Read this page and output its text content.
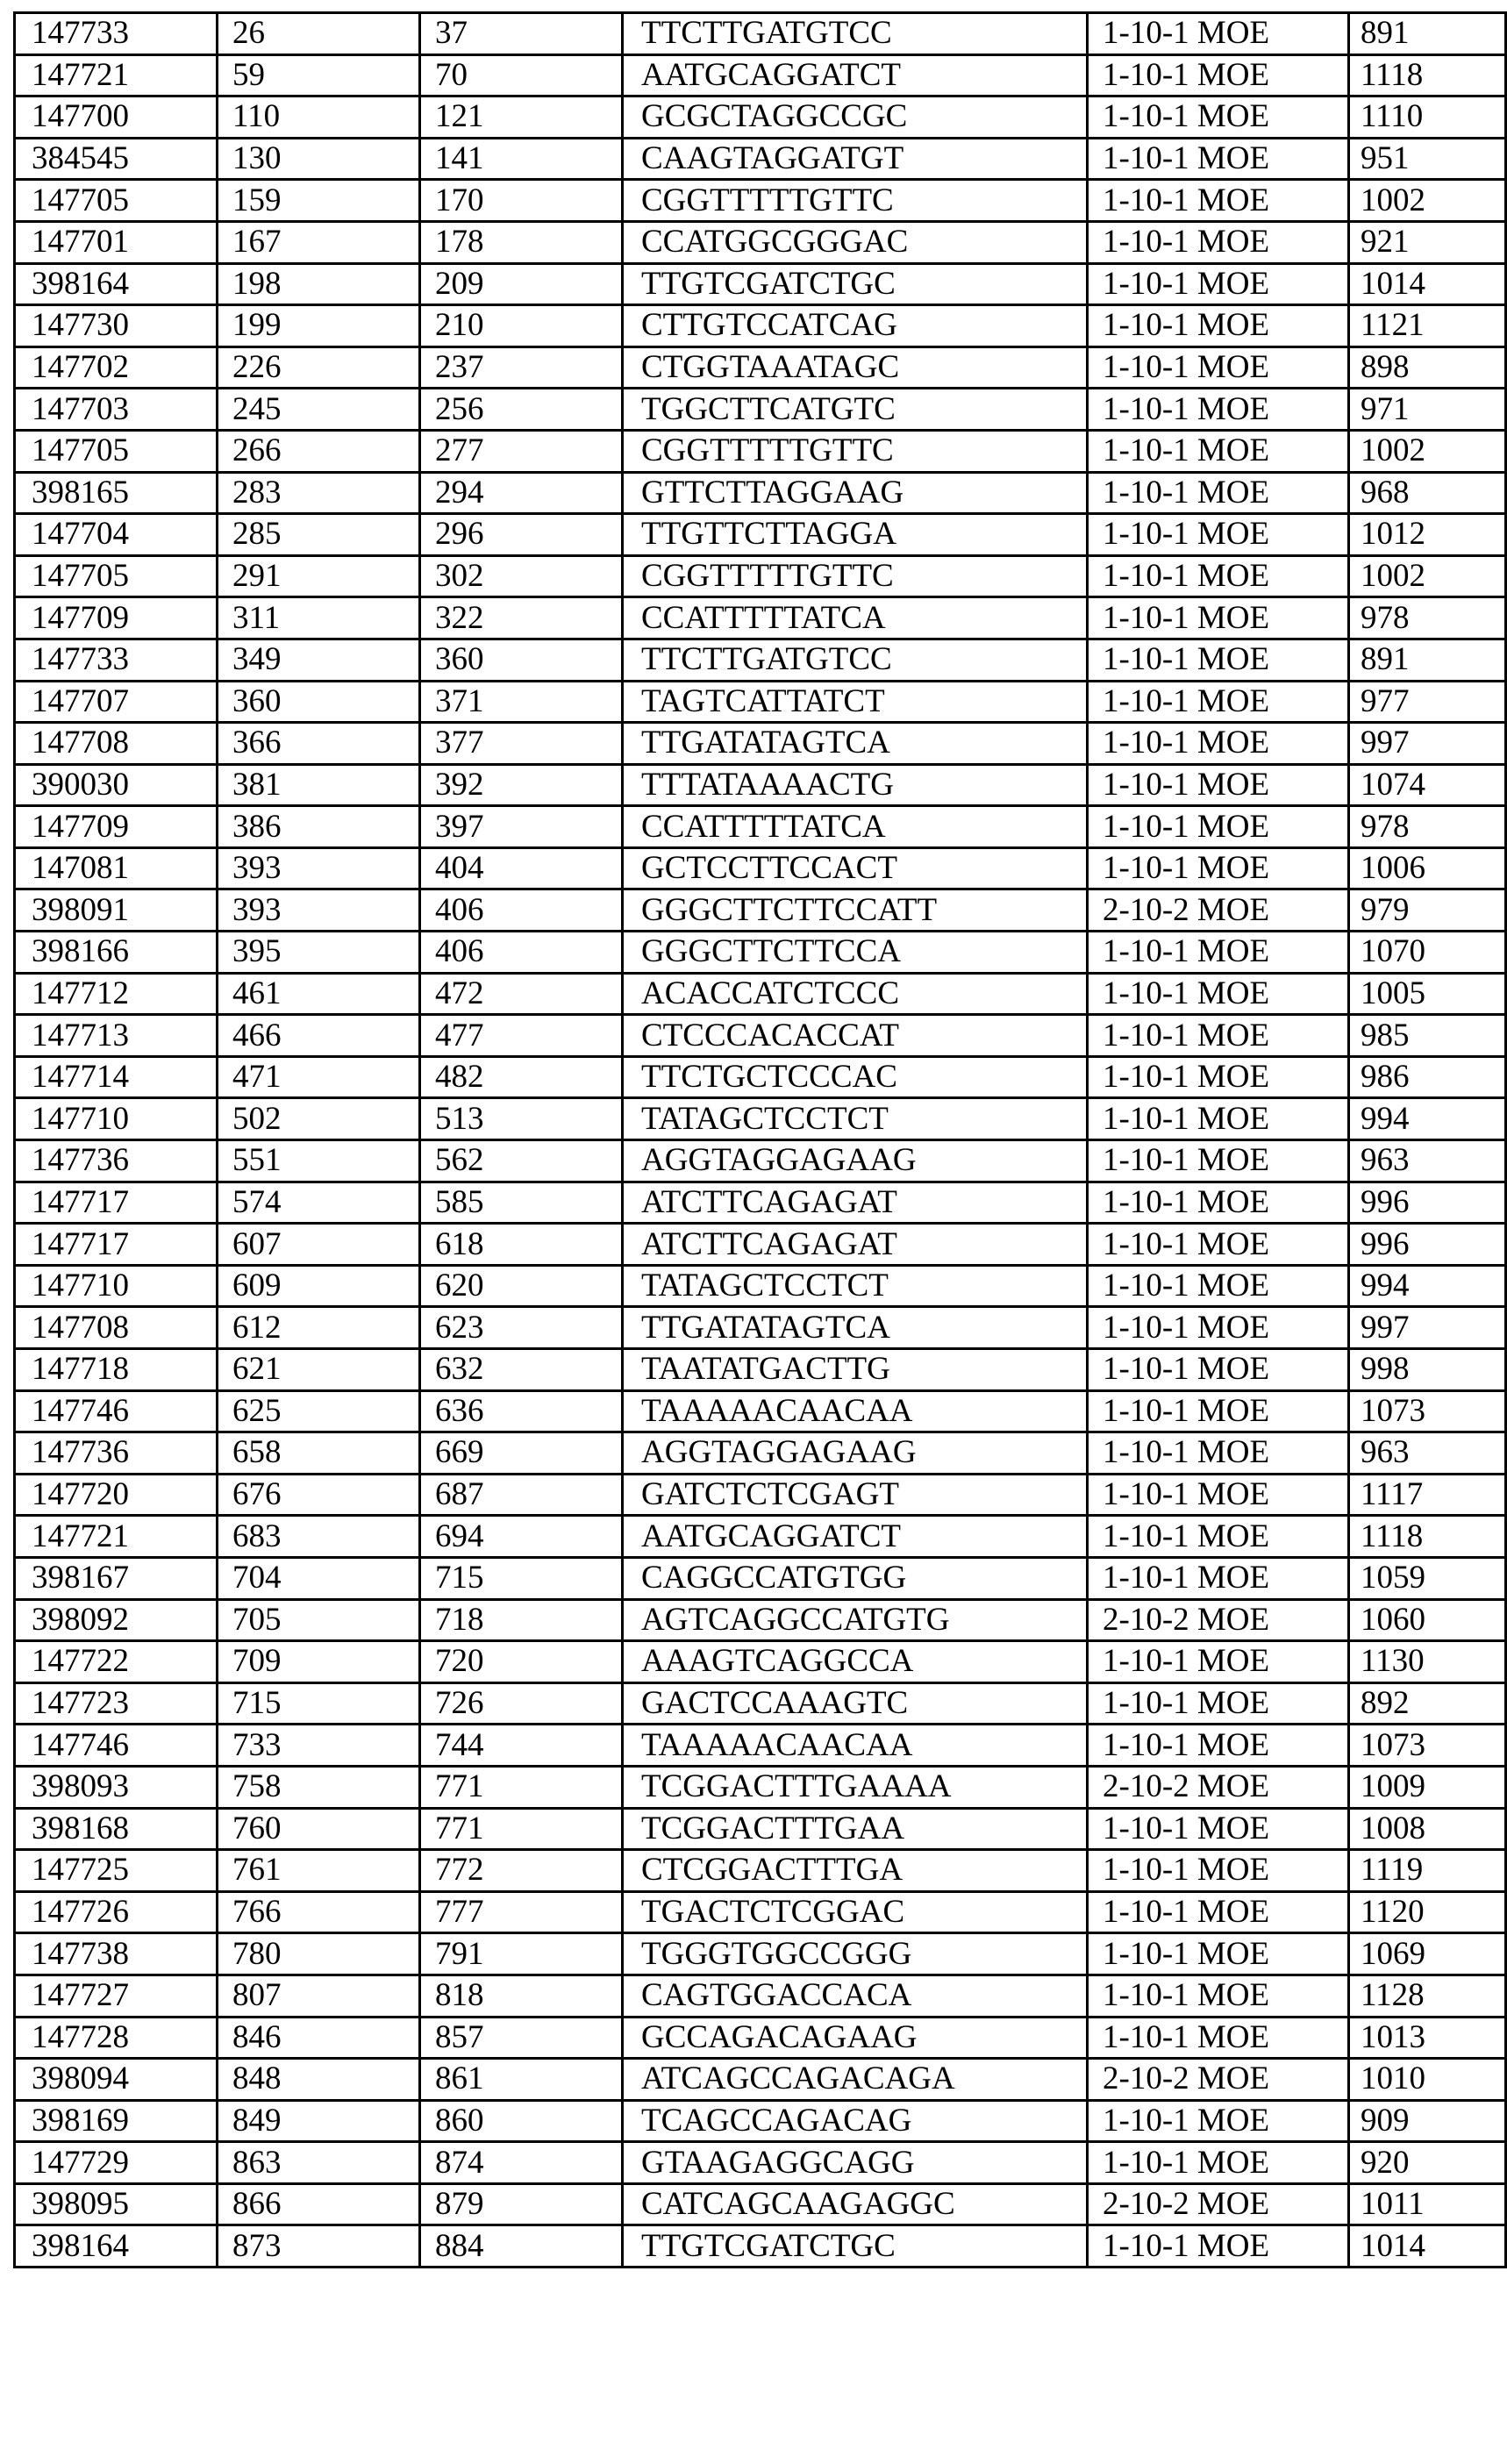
147733	26	37	TTCTTGATGTCC	1-10-1 MOE	891
147721	59	70	AATGCAGGATCT	1-10-1 MOE	1118
147700	110	121	GCGCTAGGCCGC	1-10-1 MOE	1110
384545	130	141	CAAGTAGGATGT	1-10-1 MOE	951
147705	159	170	CGGTTTTTGTTC	1-10-1 MOE	1002
147701	167	178	CCATGGCGGGAC	1-10-1 MOE	921
398164	198	209	TTGTCGATCTGC	1-10-1 MOE	1014
147730	199	210	CTTGTCCATCAG	1-10-1 MOE	1121
147702	226	237	CTGGTAAATAGC	1-10-1 MOE	898
147703	245	256	TGGCTTCATGTC	1-10-1 MOE	971
147705	266	277	CGGTTTTTGTTC	1-10-1 MOE	1002
398165	283	294	GTTCTTAGGAAG	1-10-1 MOE	968
147704	285	296	TTGTTCTTAGGA	1-10-1 MOE	1012
147705	291	302	CGGTTTTTGTTC	1-10-1 MOE	1002
147709	311	322	CCATTTTTATCA	1-10-1 MOE	978
147733	349	360	TTCTTGATGTCC	1-10-1 MOE	891
147707	360	371	TAGTCATTATCT	1-10-1 MOE	977
147708	366	377	TTGATATAGTCA	1-10-1 MOE	997
390030	381	392	TTTATAAAACTG	1-10-1 MOE	1074
147709	386	397	CCATTTTTATCA	1-10-1 MOE	978
147081	393	404	GCTCCTTCCACT	1-10-1 MOE	1006
398091	393	406	GGGCTTCTTCCATT	2-10-2 MOE	979
398166	395	406	GGGCTTCTTCCA	1-10-1 MOE	1070
147712	461	472	ACACCATCTCCC	1-10-1 MOE	1005
147713	466	477	CTCCCACACCAT	1-10-1 MOE	985
147714	471	482	TTCTGCTCCCAC	1-10-1 MOE	986
147710	502	513	TATAGCTCCTCT	1-10-1 MOE	994
147736	551	562	AGGTAGGAGAAG	1-10-1 MOE	963
147717	574	585	ATCTTCAGAGAT	1-10-1 MOE	996
147717	607	618	ATCTTCAGAGAT	1-10-1 MOE	996
147710	609	620	TATAGCTCCTCT	1-10-1 MOE	994
147708	612	623	TTGATATAGTCA	1-10-1 MOE	997
147718	621	632	TAATATGACTTG	1-10-1 MOE	998
147746	625	636	TAAAAACAACAA	1-10-1 MOE	1073
147736	658	669	AGGTAGGAGAAG	1-10-1 MOE	963
147720	676	687	GATCTCTCGAGT	1-10-1 MOE	1117
147721	683	694	AATGCAGGATCT	1-10-1 MOE	1118
398167	704	715	CAGGCCATGTGG	1-10-1 MOE	1059
398092	705	718	AGTCAGGCCATGTG	2-10-2 MOE	1060
147722	709	720	AAAGTCAGGCCA	1-10-1 MOE	1130
147723	715	726	GACTCCAAAGTC	1-10-1 MOE	892
147746	733	744	TAAAAACAACAA	1-10-1 MOE	1073
398093	758	771	TCGGACTTTGAAAA	2-10-2 MOE	1009
398168	760	771	TCGGACTTTGAA	1-10-1 MOE	1008
147725	761	772	CTCGGACTTTGA	1-10-1 MOE	1119
147726	766	777	TGACTCTCGGAC	1-10-1 MOE	1120
147738	780	791	TGGGTGGCCGGG	1-10-1 MOE	1069
147727	807	818	CAGTGGACCACA	1-10-1 MOE	1128
147728	846	857	GCCAGACAGAAG	1-10-1 MOE	1013
398094	848	861	ATCAGCCAGACAGA	2-10-2 MOE	1010
398169	849	860	TCAGCCAGACAG	1-10-1 MOE	909
147729	863	874	GTAAGAGGCAGG	1-10-1 MOE	920
398095	866	879	CATCAGCAAGAGGC	2-10-2 MOE	1011
398164	873	884	TTGTCGATCTGC	1-10-1 MOE	1014
